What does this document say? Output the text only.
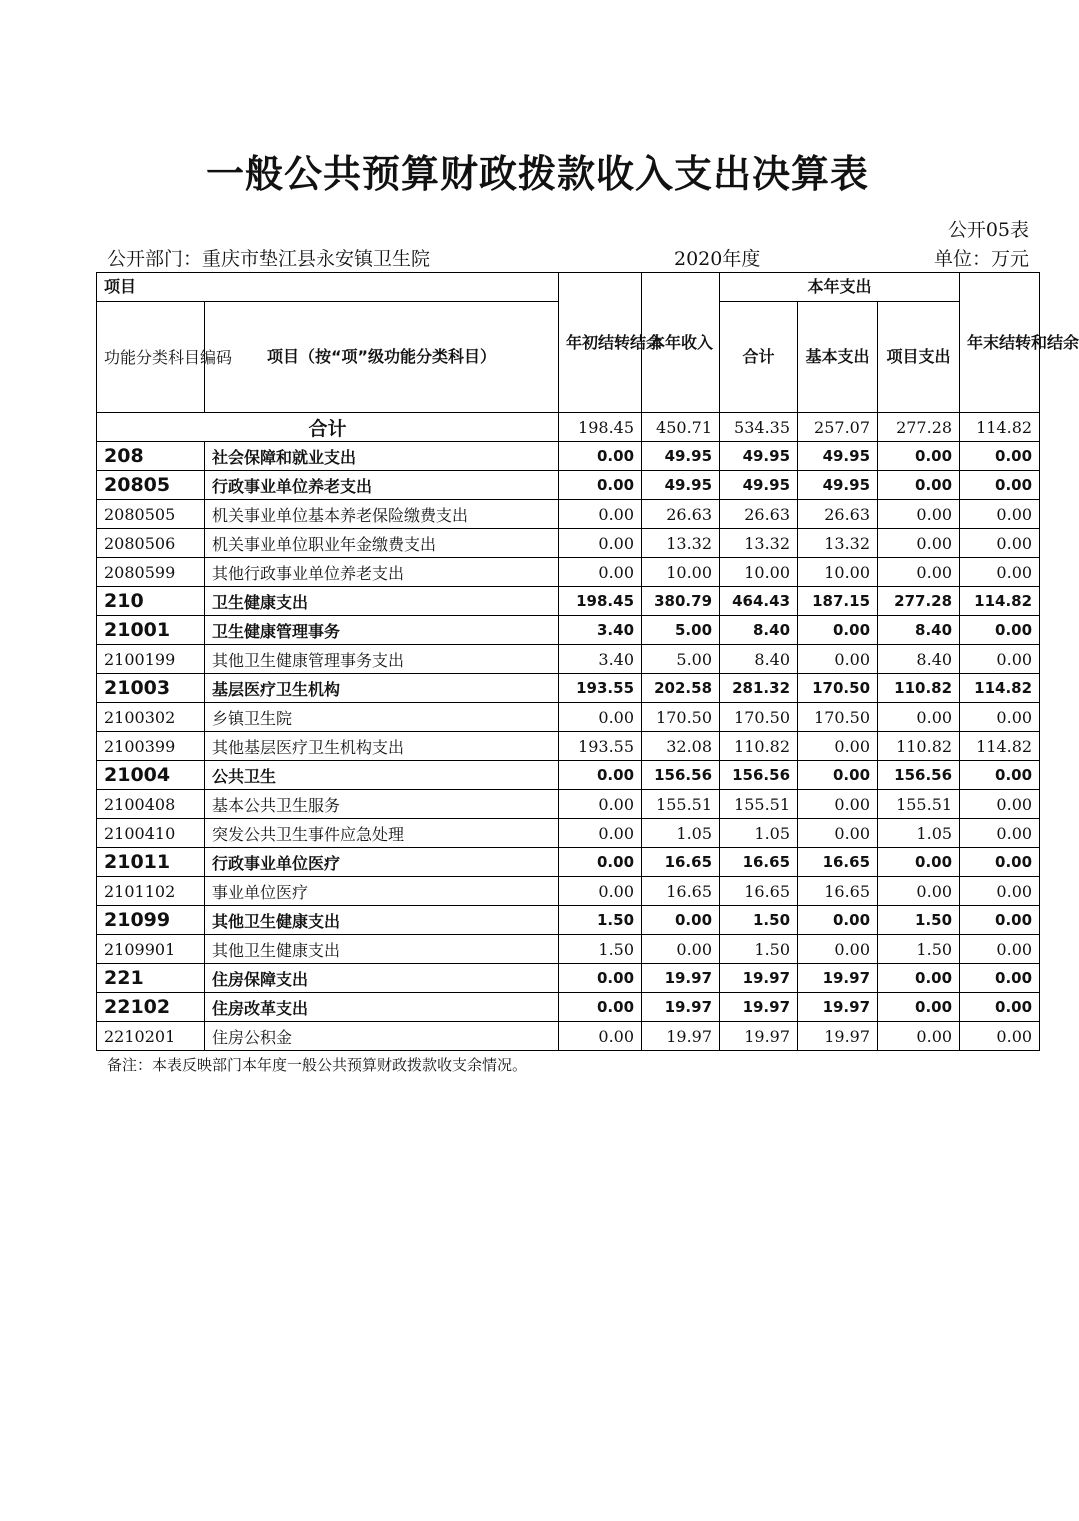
一般公共预算财政拨款收入支出决算表
公开05表
公开部门：重庆市垫江县永安镇卫生院	2020年度	单位：万元
项目		年初结转结余	本年收入	本年支出			年末结转和结余
功能分类科目编码	项目（按“项”级功能分类科目）			合计	基本支出	项目支出	
合计		198.45	450.71	534.35	257.07	277.28	114.82
208	社会保障和就业支出	0.00	49.95	49.95	49.95	0.00	0.00
20805	行政事业单位养老支出	0.00	49.95	49.95	49.95	0.00	0.00
2080505	机关事业单位基本养老保险缴费支出	0.00	26.63	26.63	26.63	0.00	0.00
2080506	机关事业单位职业年金缴费支出	0.00	13.32	13.32	13.32	0.00	0.00
2080599	其他行政事业单位养老支出	0.00	10.00	10.00	10.00	0.00	0.00
210	卫生健康支出	198.45	380.79	464.43	187.15	277.28	114.82
21001	卫生健康管理事务	3.40	5.00	8.40	0.00	8.40	0.00
2100199	其他卫生健康管理事务支出	3.40	5.00	8.40	0.00	8.40	0.00
21003	基层医疗卫生机构	193.55	202.58	281.32	170.50	110.82	114.82
2100302	乡镇卫生院	0.00	170.50	170.50	170.50	0.00	0.00
2100399	其他基层医疗卫生机构支出	193.55	32.08	110.82	0.00	110.82	114.82
21004	公共卫生	0.00	156.56	156.56	0.00	156.56	0.00
2100408	基本公共卫生服务	0.00	155.51	155.51	0.00	155.51	0.00
2100410	突发公共卫生事件应急处理	0.00	1.05	1.05	0.00	1.05	0.00
21011	行政事业单位医疗	0.00	16.65	16.65	16.65	0.00	0.00
2101102	事业单位医疗	0.00	16.65	16.65	16.65	0.00	0.00
21099	其他卫生健康支出	1.50	0.00	1.50	0.00	1.50	0.00
2109901	其他卫生健康支出	1.50	0.00	1.50	0.00	1.50	0.00
221	住房保障支出	0.00	19.97	19.97	19.97	0.00	0.00
22102	住房改革支出	0.00	19.97	19.97	19.97	0.00	0.00
2210201	住房公积金	0.00	19.97	19.97	19.97	0.00	0.00
备注：本表反映部门本年度一般公共预算财政拨款收支余情况。
